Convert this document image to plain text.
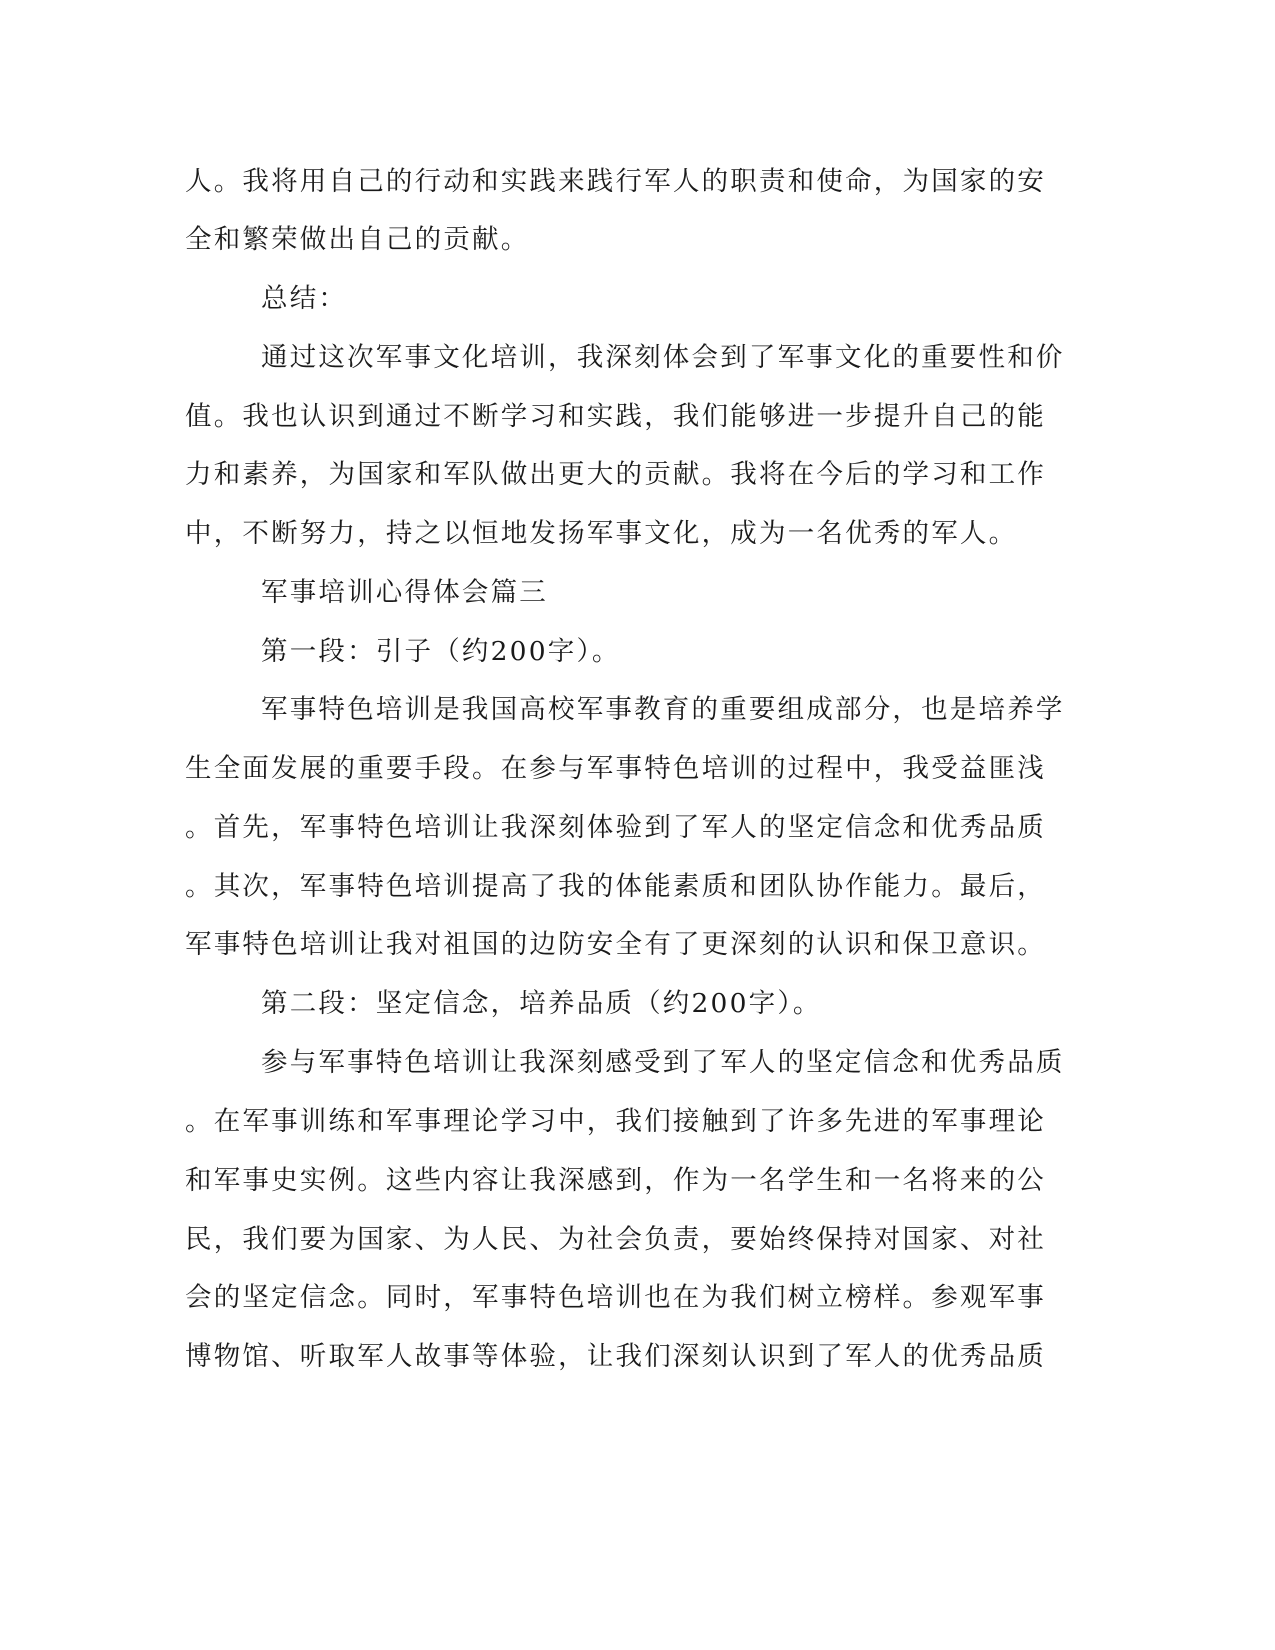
人。我将用自己的行动和实践来践行军人的职责和使命，为国家的安
全和繁荣做出自己的贡献。
总结：
通过这次军事文化培训，我深刻体会到了军事文化的重要性和价
值。我也认识到通过不断学习和实践，我们能够进一步提升自己的能
力和素养，为国家和军队做出更大的贡献。我将在今后的学习和工作
中，不断努力，持之以恒地发扬军事文化，成为一名优秀的军人。
军事培训心得体会篇三
第一段：引子（约200字）。
军事特色培训是我国高校军事教育的重要组成部分，也是培养学
生全面发展的重要手段。在参与军事特色培训的过程中，我受益匪浅
。首先，军事特色培训让我深刻体验到了军人的坚定信念和优秀品质
。其次，军事特色培训提高了我的体能素质和团队协作能力。最后，
军事特色培训让我对祖国的边防安全有了更深刻的认识和保卫意识。
第二段：坚定信念，培养品质（约200字）。
参与军事特色培训让我深刻感受到了军人的坚定信念和优秀品质
。在军事训练和军事理论学习中，我们接触到了许多先进的军事理论
和军事史实例。这些内容让我深感到，作为一名学生和一名将来的公
民，我们要为国家、为人民、为社会负责，要始终保持对国家、对社
会的坚定信念。同时，军事特色培训也在为我们树立榜样。参观军事
博物馆、听取军人故事等体验，让我们深刻认识到了军人的优秀品质
